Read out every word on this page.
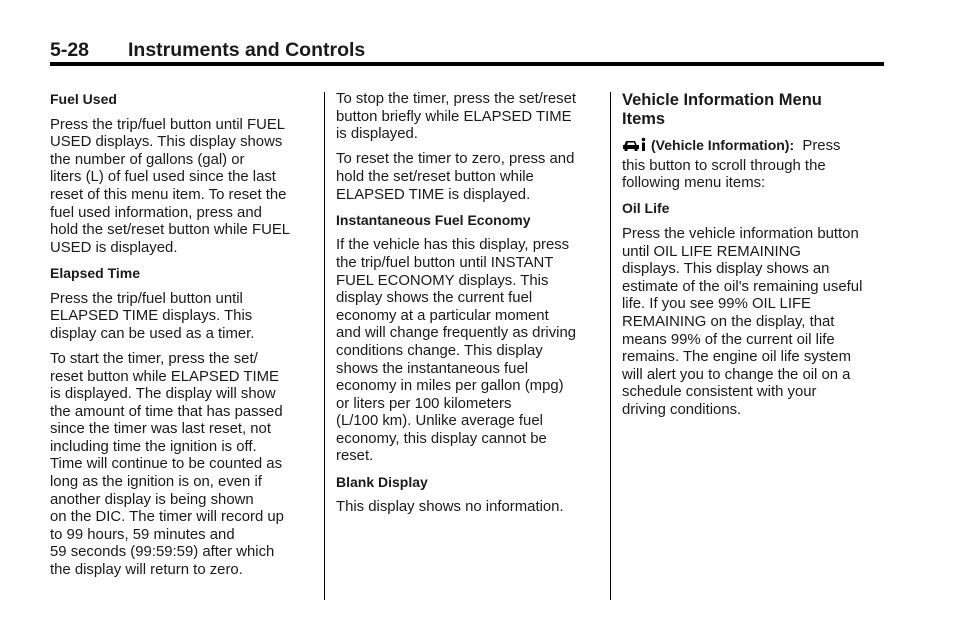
5-28 Instruments and Controls
Fuel Used

Press the trip/fuel button until FUEL
USED displays. This display shows
the number of gallons (gal) or
liters (L) of fuel used since the last
reset of this menu item. To reset the
fuel used information, press and
hold the set/reset button while FUEL
USED is displayed.

Elapsed Time

Press the trip/fuel button until
ELAPSED TIME displays. This
display can be used as a timer.

To start the timer, press the set/
reset button while ELAPSED TIME
is displayed. The display will show
the amount of time that has passed
since the timer was last reset, not
including time the ignition is off.
Time will continue to be counted as
long as the ignition is on, even if
another display is being shown
on the DIC. The timer will record up
to 99 hours, 59 minutes and
59 seconds (99:59:59) after which
the display will return to zero.

To stop the timer, press the set/reset
button briefly while ELAPSED TIME
is displayed.

To reset the timer to zero, press and
hold the set/reset button while
ELAPSED TIME is displayed.

Instantaneous Fuel Economy

If the vehicle has this display, press
the trip/fuel button until INSTANT
FUEL ECONOMY displays. This
display shows the current fuel
economy at a particular moment
and will change frequently as driving
conditions change. This display
shows the instantaneous fuel
economy in miles per gallon (mpg)
or liters per 100 kilometers
(L/100 km). Unlike average fuel
economy, this display cannot be
reset.

Blank Display

This display shows no information.

Vehicle Information Menu
Items

(Vehicle Information): Press
this button to scroll through the
following menu items:

Oil Life

Press the vehicle information button
until OIL LIFE REMAINING
displays. This display shows an
estimate of the oil's remaining useful
life. If you see 99% OIL LIFE
REMAINING on the display, that
means 99% of the current oil life
remains. The engine oil life system
will alert you to change the oil on a
schedule consistent with your
driving conditions.
